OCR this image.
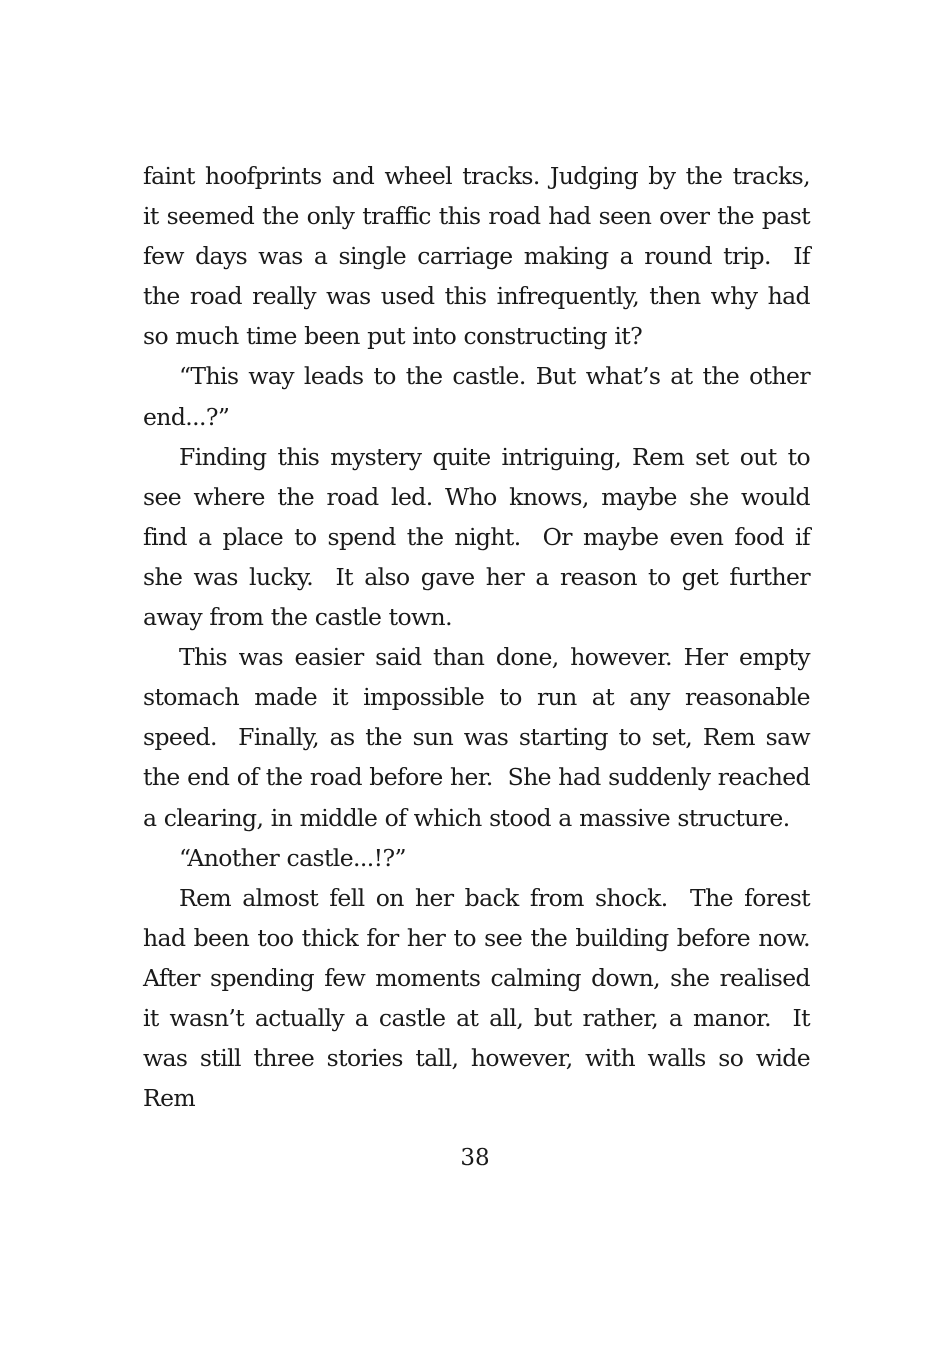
faint hoofprints and wheel tracks. Judging by the tracks, it seemed the only traffic this road had seen over the past few days was a single carriage making a round trip.  If the road really was used this infrequently, then why had so much time been put into constructing it?

“This way leads to the castle. But what’s at the other end...?”

Finding this mystery quite intriguing, Rem set out to see where the road led. Who knows, maybe she would find a place to spend the night.  Or maybe even food if she was lucky.  It also gave her a reason to get further away from the castle town.

This was easier said than done, however. Her empty stomach made it impossible to run at any reasonable speed.  Finally, as the sun was starting to set, Rem saw the end of the road before her.  She had suddenly reached a clearing, in middle of which stood a massive structure.

“Another castle...!?”

Rem almost fell on her back from shock.  The forest had been too thick for her to see the building before now. After spending few moments calming down, she realised it wasn’t actually a castle at all, but rather, a manor.  It was still three stories tall, however, with walls so wide Rem

38
